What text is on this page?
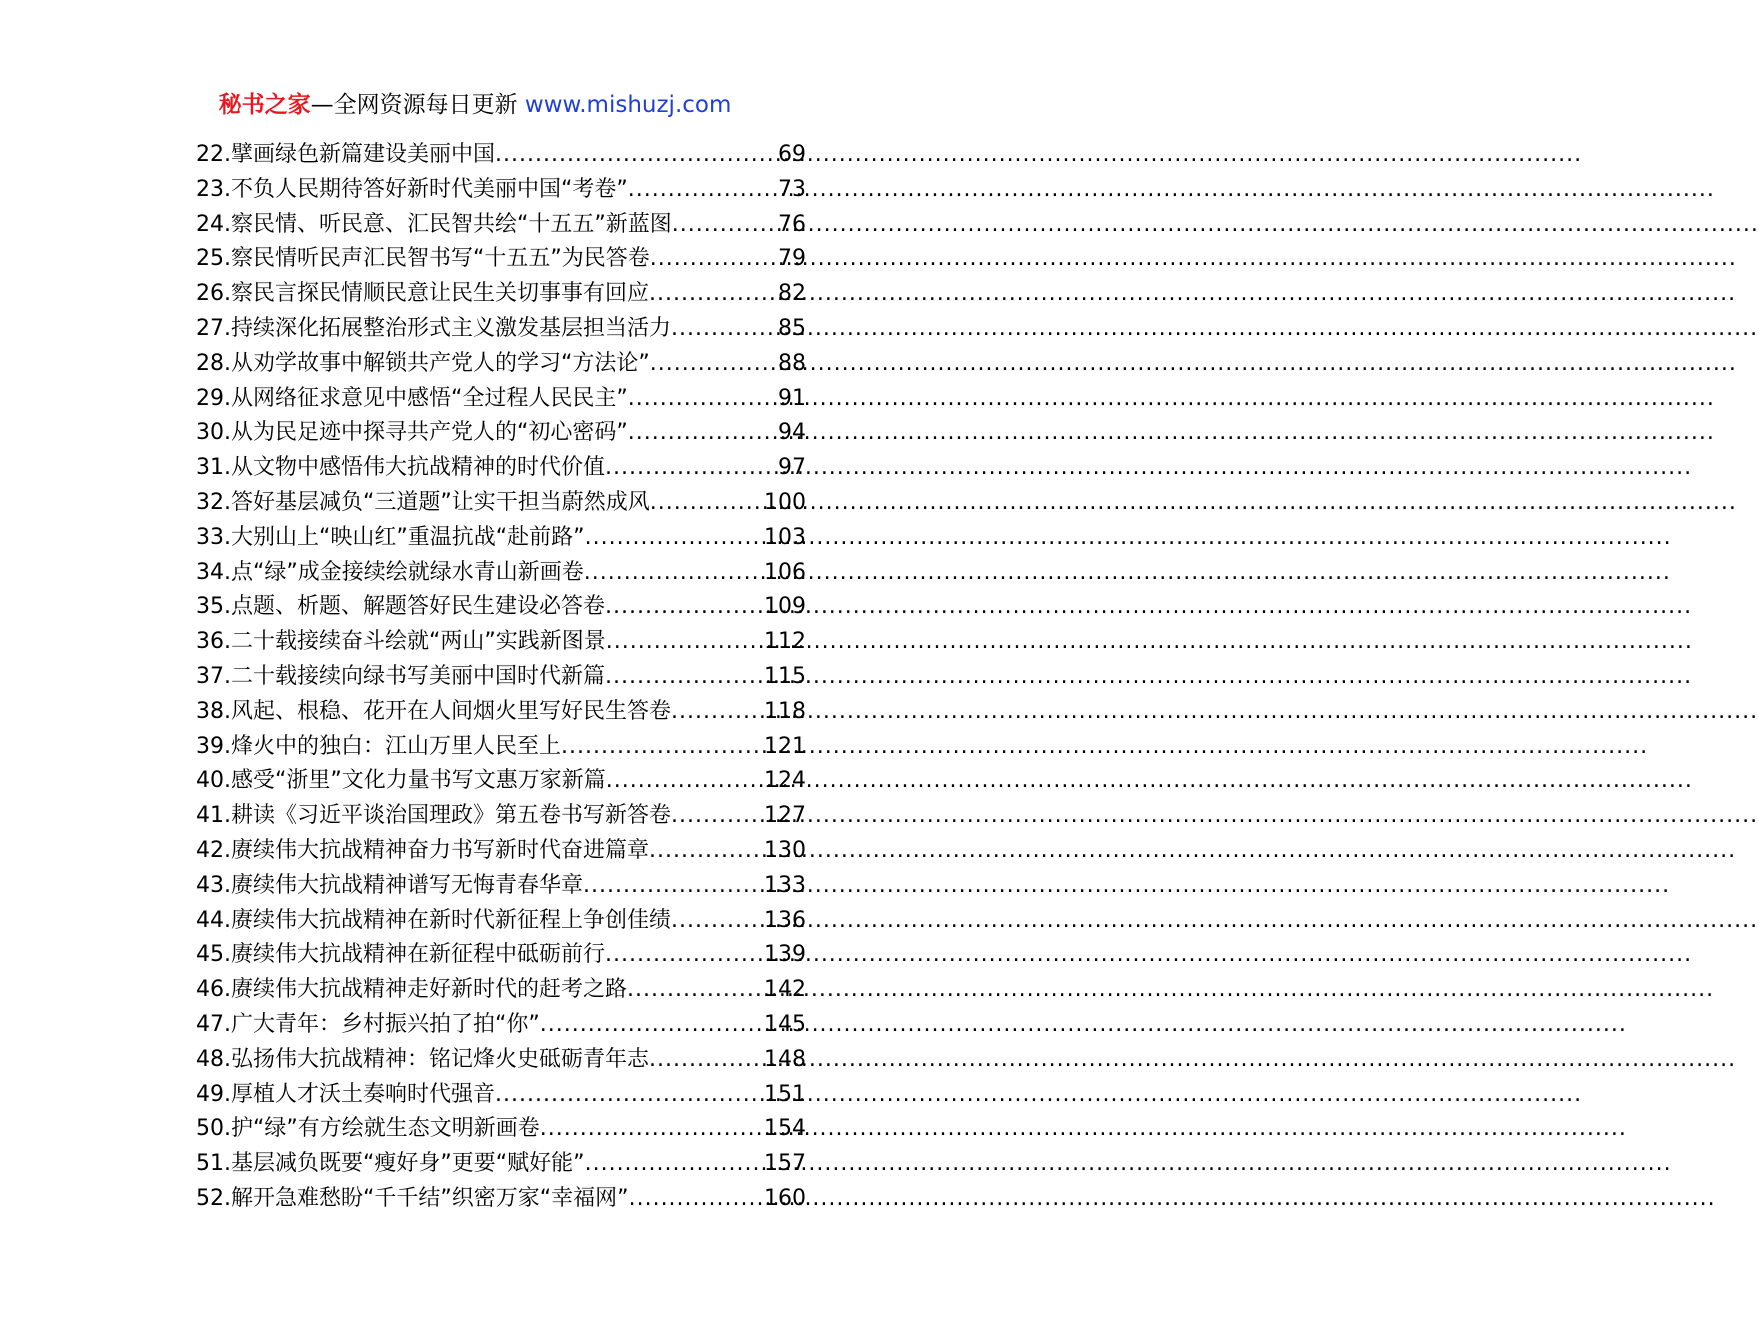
秘书之家—全网资源每日更新 www.mishuzj.com
22.擘画绿色新篇建设美丽中国 .....	69
23.不负人民期待答好新时代美丽中国“考卷” .....	73
24.察民情、听民意、汇民智共绘“十五五”新蓝图 .....	76
25.察民情听民声汇民智书写“十五五”为民答卷 .....	79
26.察民言探民情顺民意让民生关切事事有回应 .....	82
27.持续深化拓展整治形式主义激发基层担当活力 .....	85
28.从劝学故事中解锁共产党人的学习“方法论” .....	88
29.从网络征求意见中感悟“全过程人民民主” .....	91
30.从为民足迹中探寻共产党人的“初心密码” .....	94
31.从文物中感悟伟大抗战精神的时代价值 .....	97
32.答好基层减负“三道题”让实干担当蔚然成风 .....	100
33.大别山上“映山红”重温抗战“赴前路” .....	103
34.点“绿”成金接续绘就绿水青山新画卷 .....	106
35.点题、析题、解题答好民生建设必答卷 .....	109
36.二十载接续奋斗绘就“两山”实践新图景 .....	112
37.二十载接续向绿书写美丽中国时代新篇 .....	115
38.风起、根稳、花开在人间烟火里写好民生答卷 .....	118
39.烽火中的独白：江山万里人民至上 .....	121
40.感受“浙里”文化力量书写文惠万家新篇 .....	124
41.耕读《习近平谈治国理政》第五卷书写新答卷 .....	127
42.赓续伟大抗战精神奋力书写新时代奋进篇章 .....	130
43.赓续伟大抗战精神谱写无悔青春华章 .....	133
44.赓续伟大抗战精神在新时代新征程上争创佳绩 .....	136
45.赓续伟大抗战精神在新征程中砥砺前行 .....	139
46.赓续伟大抗战精神走好新时代的赶考之路 .....	142
47.广大青年：乡村振兴拍了拍“你” .....	145
48.弘扬伟大抗战精神：铭记烽火史砥砺青年志 .....	148
49.厚植人才沃土奏响时代强音 .....	151
50.护“绿”有方绘就生态文明新画卷 .....	154
51.基层减负既要“瘦好身”更要“赋好能” .....	157
52.解开急难愁盼“千千结”织密万家“幸福网” .....	160
